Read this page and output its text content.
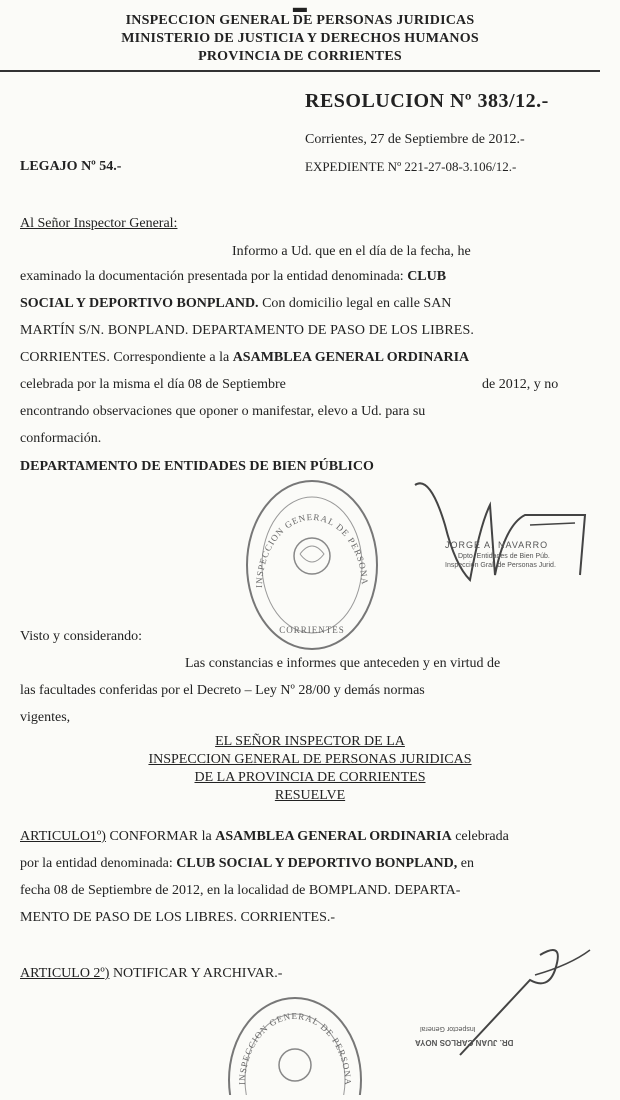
▬
INSPECCION GENERAL DE PERSONAS JURIDICAS
MINISTERIO DE JUSTICIA Y DERECHOS HUMANOS
PROVINCIA DE CORRIENTES
RESOLUCION Nº 383/12.-
Corrientes, 27 de Septiembre de 2012.-
LEGAJO Nº 54.-	EXPEDIENTE Nº 221-27-08-3.106/12.-
Al Señor Inspector General:
Informo a Ud. que en el día de la fecha, he
examinado la documentación presentada por la entidad denominada: CLUB
SOCIAL Y DEPORTIVO BONPLAND. Con domicilio legal en calle SAN
MARTÍN S/N. BONPLAND. DEPARTAMENTO DE PASO DE LOS LIBRES.
CORRIENTES. Correspondiente a la ASAMBLEA GENERAL ORDINARIA
celebrada por la misma el día 08 de Septiembre	de 2012, y no
encontrando observaciones que oponer o manifestar, elevo a Ud. para su
conformación.
DEPARTAMENTO DE ENTIDADES DE BIEN PÚBLICO
INSPECCION GENERAL DE PERSONA
CORRIENTES
JORGE A. NAVARRO
Dpto. Entidades de Bien Púb.
Inspección Gral. de Personas Jurid.
Visto y considerando:
Las constancias e informes que anteceden y en virtud de
las facultades conferidas por el Decreto – Ley Nº 28/00 y demás normas
vigentes,
EL SEÑOR INSPECTOR DE LA
INSPECCION GENERAL DE PERSONAS JURIDICAS
DE LA PROVINCIA DE CORRIENTES
RESUELVE
ARTICULO1º) CONFORMAR la ASAMBLEA GENERAL ORDINARIA celebrada
por la entidad denominada: CLUB SOCIAL Y DEPORTIVO BONPLAND, en
fecha 08 de Septiembre de 2012, en la localidad de BOMPLAND. DEPARTA-
MENTO DE PASO DE LOS LIBRES. CORRIENTES.-
ARTICULO 2º) NOTIFICAR Y ARCHIVAR.-
DR. JUAN CARLOS NOYA
Inspector General
INSPECCION GENERAL DE PERSONA
